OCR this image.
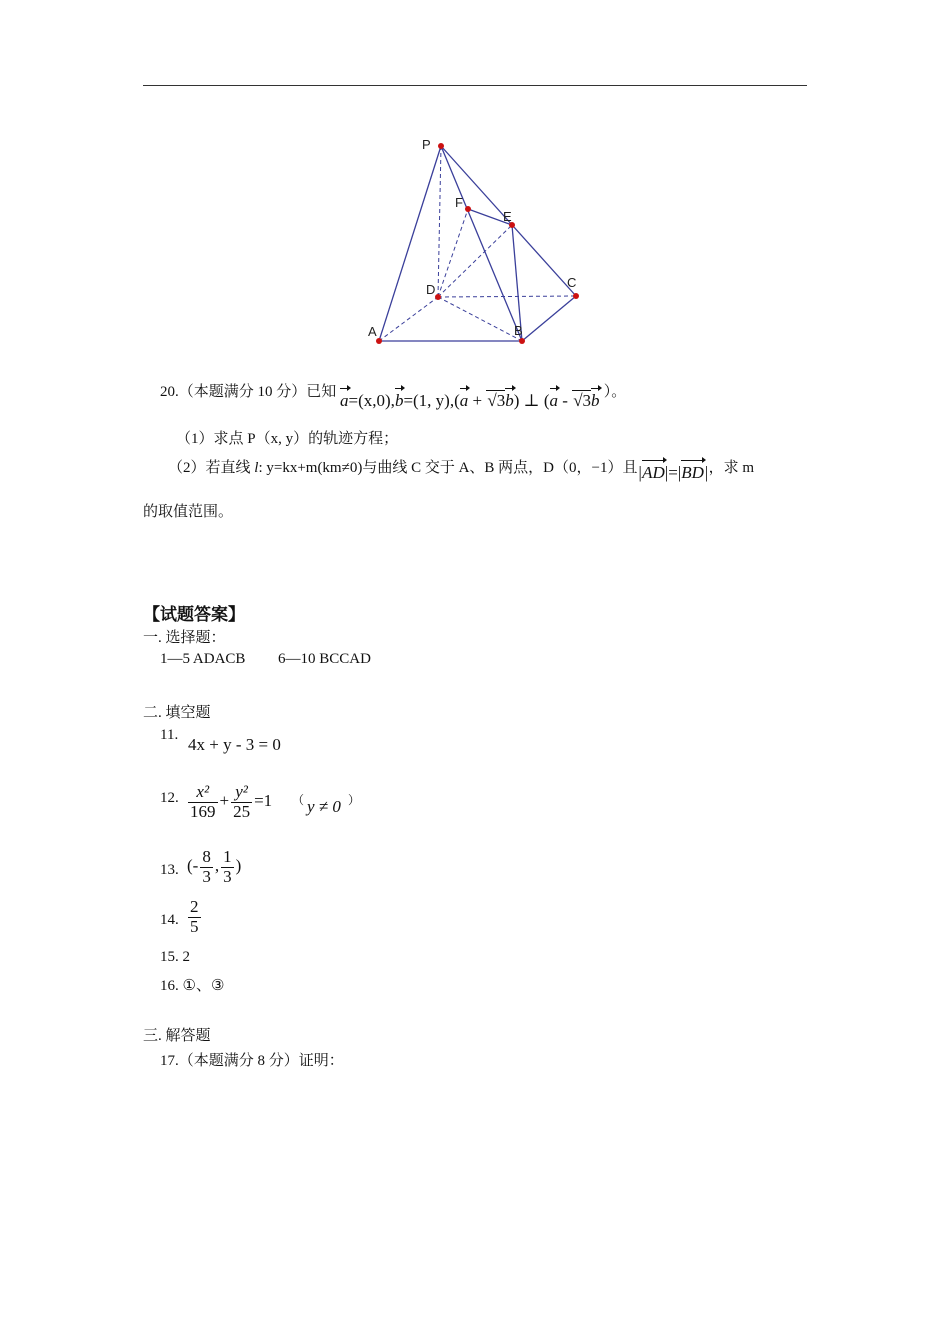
P
F
E
D	C
A	B
20.（本题满分 10 分）已知 a=(x,0),b=(1, y),(a + √3b) ⊥ (a - √3b ）。
（1）求点 P（x, y）的轨迹方程；
（2）若直线 l: y=kx+m(km≠0)与曲线 C 交于 A、B 两点，D（0，−1）且|AD|=|BD|，求 m
的取值范围。
【试题答案】
一. 选择题：
1—5 ADACB 6—10 BCCAD
二. 填空题
11. 4x + y - 3 = 0
12. $\frac{\text{x²}}{169} + \frac{\text{y²}}{25} =1$ （ y ≠ 0 ）
13. (- $\frac{8}{3}$ , $\frac{1}{3}$ )
14. $\frac{2}{5}$
15. 2
16. ①、③
三. 解答题
17.（本题满分 8 分）证明：
